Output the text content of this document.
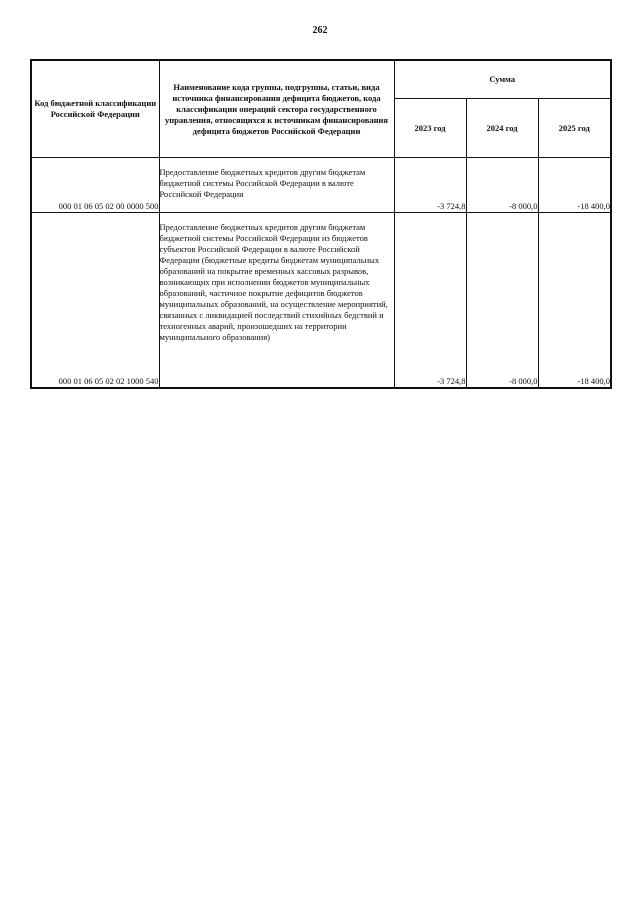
262
Код бюджетной классификации Российской Федерации	Наименование кода группы, подгруппы, статьи, вида источника финансирования дефицита бюджетов, кода классификации операций сектора государственного управления, относящихся к источникам финансирования дефицита бюджетов Российской Федерации	Сумма		
		2023 год	2024 год	2025 год
000 01 06 05 02 00 0000 500	Предоставление бюджетных кредитов другим бюджетам бюджетной системы Российской Федерации в валюте Российской Федерации	-3 724,8	-8 000,0	-18 400,0
000 01 06 05 02 02 1000 540	Предоставление бюджетных кредитов другим бюджетам бюджетной системы Российской Федерации из бюджетов субъектов Российской Федерации в валюте Российской Федерации (бюджетные кредиты бюджетам муниципальных образований на покрытие временных кассовых разрывов, возникающих при исполнении бюджетов муниципальных образований, частичное покрытие дефицитов бюджетов муниципальных образований, на осуществление мероприятий, связанных с ликвидацией последствий стихийных бедствий и техногенных аварий, произошедших на территории муниципального образования)	-3 724,8	-8 000,0	-18 400,0
